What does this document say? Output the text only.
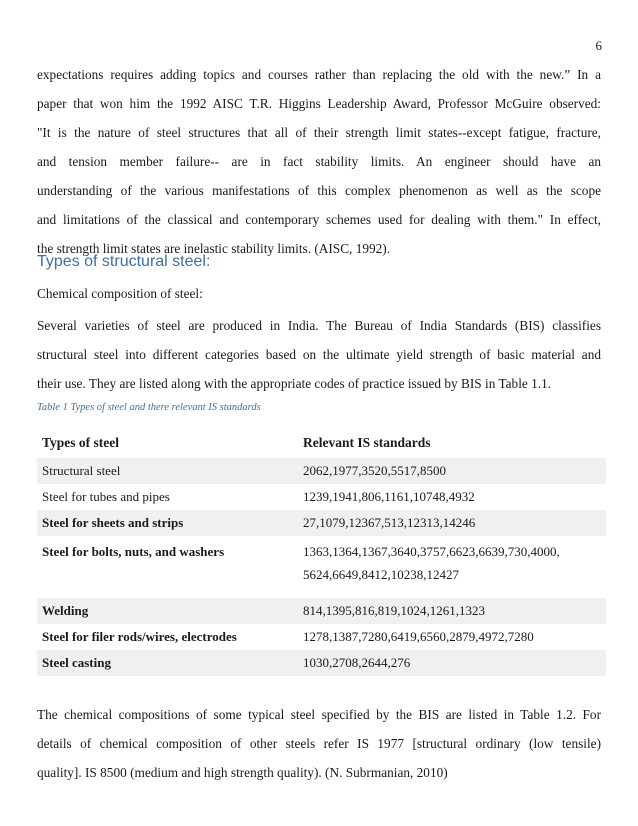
6

expectations requires adding topics and courses rather than replacing the old with the new.” In a
paper that won him the 1992 AISC T.R. Higgins Leadership Award, Professor McGuire observed:
"It is the nature of steel structures that all of their strength limit states--except fatigue, fracture,
and tension member failure-- are in fact stability limits. An engineer should have an
understanding of the various manifestations of this complex phenomenon as well as the scope
and limitations of the classical and contemporary schemes used for dealing with them." In effect,
the strength limit states are inelastic stability limits. (AISC, 1992).

Types of structural steel:

Chemical composition of steel:

Several varieties of steel are produced in India. The Bureau of India Standards (BIS) classifies
structural steel into different categories based on the ultimate yield strength of basic material and
their use. They are listed along with the appropriate codes of practice issued by BIS in Table 1.1.

Table 1 Types of steel and there relevant IS standards

Types of steel	Relevant IS standards
Structural steel	2062,1977,3520,5517,8500
Steel for tubes and pipes	1239,1941,806,1161,10748,4932
Steel for sheets and strips	27,1079,12367,513,12313,14246
Steel for bolts, nuts, and washers	1363,1364,1367,3640,3757,6623,6639,730,4000,
5624,6649,8412,10238,12427
Welding	814,1395,816,819,1024,1261,1323
Steel for filer rods/wires, electrodes	1278,1387,7280,6419,6560,2879,4972,7280
Steel casting	1030,2708,2644,276

The chemical compositions of some typical steel specified by the BIS are listed in Table 1.2. For
details of chemical composition of other steels refer IS 1977 [structural ordinary (low tensile)
quality]. IS 8500 (medium and high strength quality). (N. Subrmanian, 2010)
